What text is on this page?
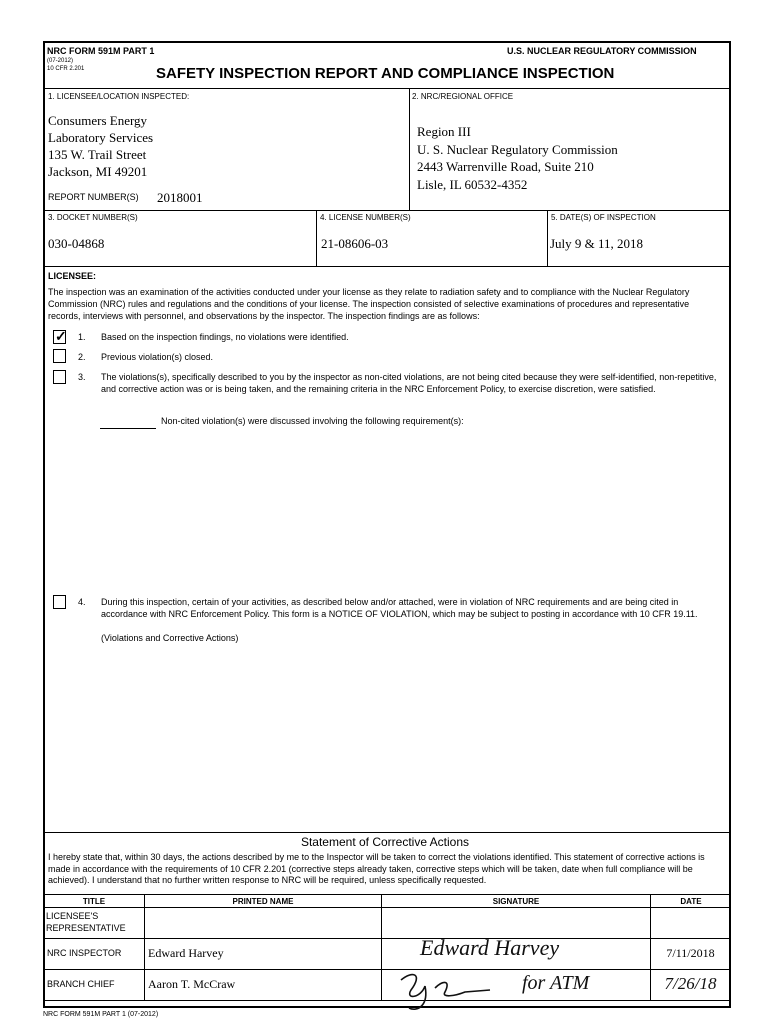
NRC FORM 591M PART 1
(07-2012)
10 CFR 2.201
U.S. NUCLEAR REGULATORY COMMISSION
SAFETY INSPECTION REPORT AND COMPLIANCE INSPECTION
1. LICENSEE/LOCATION INSPECTED:
Consumers Energy
Laboratory Services
135 W. Trail Street
Jackson, MI 49201
REPORT NUMBER(S) 2018001
2. NRC/REGIONAL OFFICE
Region III
U. S. Nuclear Regulatory Commission
2443 Warrenville Road, Suite 210
Lisle, IL 60532-4352
3. DOCKET NUMBER(S)
030-04868
4. LICENSE NUMBER(S)
21-08606-03
5. DATE(S) OF INSPECTION
July 9 & 11, 2018
LICENSEE:
The inspection was an examination of the activities conducted under your license as they relate to radiation safety and to compliance with the Nuclear Regulatory Commission (NRC) rules and regulations and the conditions of your license. The inspection consisted of selective examinations of procedures and representative records, interviews with personnel, and observations by the inspector. The inspection findings are as follows:
✓ 1. Based on the inspection findings, no violations were identified.
2. Previous violation(s) closed.
3. The violations(s), specifically described to you by the inspector as non-cited violations, are not being cited because they were self-identified, non-repetitive, and corrective action was or is being taken, and the remaining criteria in the NRC Enforcement Policy, to exercise discretion, were satisfied.
Non-cited violation(s) were discussed involving the following requirement(s):
4. During this inspection, certain of your activities, as described below and/or attached, were in violation of NRC requirements and are being cited in accordance with NRC Enforcement Policy. This form is a NOTICE OF VIOLATION, which may be subject to posting in accordance with 10 CFR 19.11.
(Violations and Corrective Actions)
Statement of Corrective Actions
I hereby state that, within 30 days, the actions described by me to the Inspector will be taken to correct the violations identified. This statement of corrective actions is made in accordance with the requirements of 10 CFR 2.201 (corrective steps already taken, corrective steps which will be taken, date when full compliance will be achieved). I understand that no further written response to NRC will be required, unless specifically requested.
TITLE	PRINTED NAME	SIGNATURE	DATE
LICENSEE'S REPRESENTATIVE
NRC INSPECTOR Edward Harvey	Edward Harvey	7/11/2018
BRANCH CHIEF	Aaron T. McCraw	for ATM	7/26/18
NRC FORM 591M PART 1 (07-2012)
